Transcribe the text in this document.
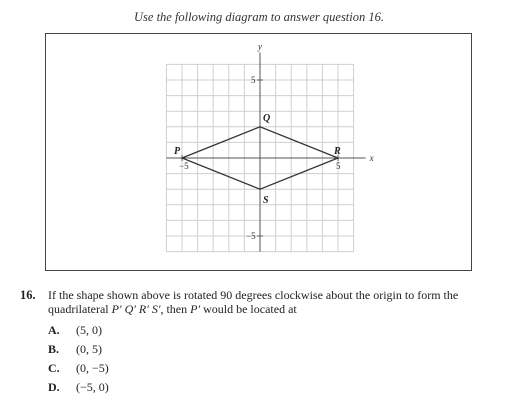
Use the following diagram to answer question 16.
x
y
−5	5
5
−5
P
Q
R
S
16. If the shape shown above is rotated 90 degrees clockwise about the origin to form the quadrilateral P′ Q′ R′ S′, then P′ would be located at
A.	(5, 0)
B.	(0, 5)
C.	(0, −5)
D.	(−5, 0)
